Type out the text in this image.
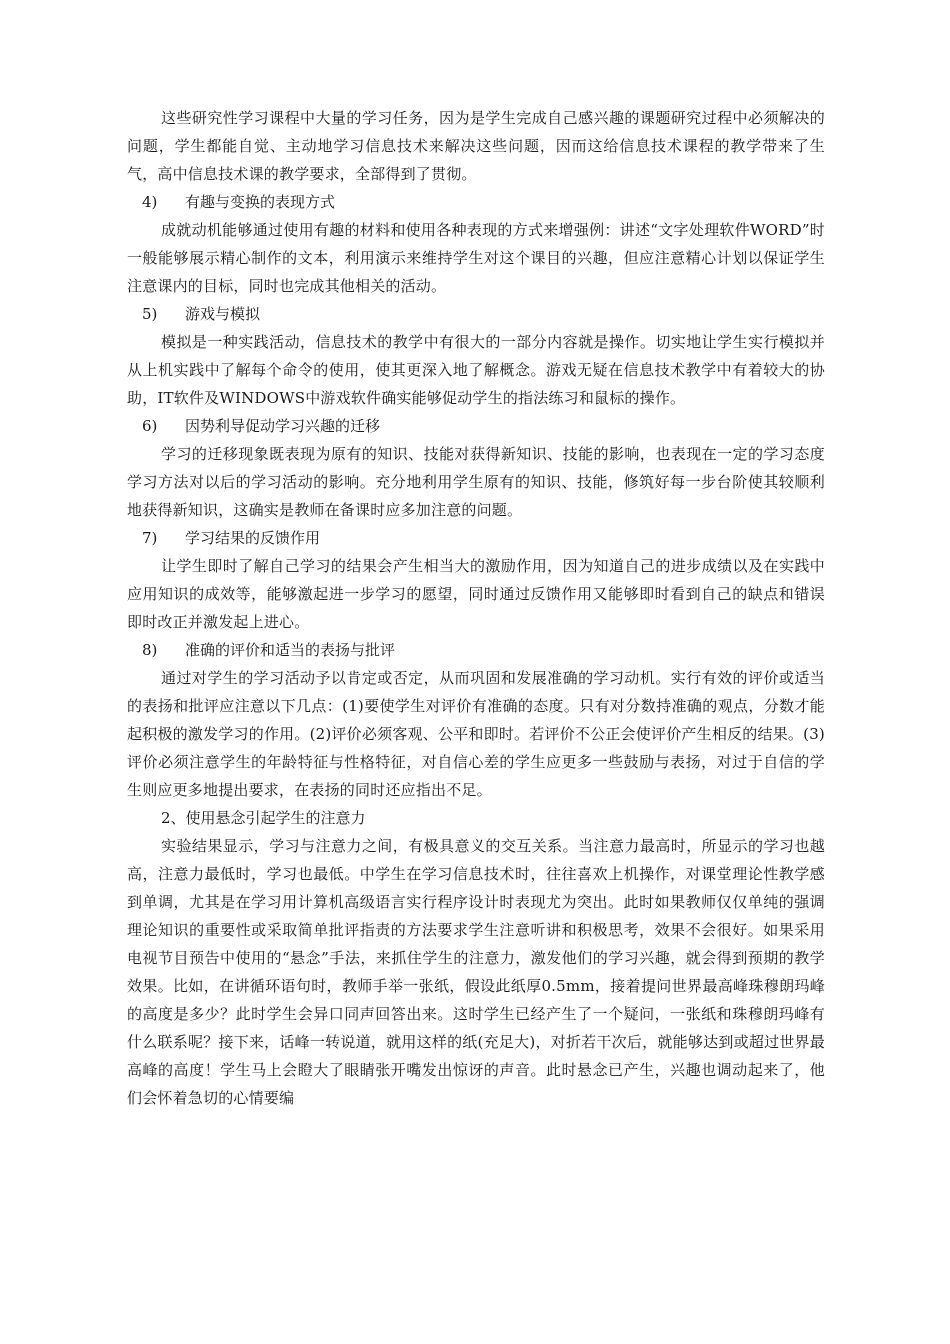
这些研究性学习课程中大量的学习任务，因为是学生完成自己感兴趣的课题研究过程中必须解决的问题，学生都能自觉、主动地学习信息技术来解决这些问题，因而这给信息技术课程的教学带来了生气，高中信息技术课的教学要求，全部得到了贯彻。

4)	有趣与变换的表现方式

成就动机能够通过使用有趣的材料和使用各种表现的方式来增强例：讲述“文字处理软件WORD”时一般能够展示精心制作的文本，利用演示来维持学生对这个课目的兴趣，但应注意精心计划以保证学生注意课内的目标，同时也完成其他相关的活动。

5)	游戏与模拟

模拟是一种实践活动，信息技术的教学中有很大的一部分内容就是操作。切实地让学生实行模拟并从上机实践中了解每个命令的使用，使其更深入地了解概念。游戏无疑在信息技术教学中有着较大的协助，IT软件及WINDOWS中游戏软件确实能够促动学生的指法练习和鼠标的操作。

6)	因势利导促动学习兴趣的迁移

学习的迁移现象既表现为原有的知识、技能对获得新知识、技能的影响，也表现在一定的学习态度学习方法对以后的学习活动的影响。充分地利用学生原有的知识、技能，修筑好每一步台阶使其较顺利地获得新知识，这确实是教师在备课时应多加注意的问题。

7)	学习结果的反馈作用

让学生即时了解自己学习的结果会产生相当大的激励作用，因为知道自己的进步成绩以及在实践中应用知识的成效等，能够激起进一步学习的愿望，同时通过反馈作用又能够即时看到自己的缺点和错误即时改正并激发起上进心。

8)	准确的评价和适当的表扬与批评

通过对学生的学习活动予以肯定或否定，从而巩固和发展准确的学习动机。实行有效的评价或适当的表扬和批评应注意以下几点：(1)要使学生对评价有准确的态度。只有对分数持准确的观点，分数才能起积极的激发学习的作用。(2)评价必须客观、公平和即时。若评价不公正会使评价产生相反的结果。(3)评价必须注意学生的年龄特征与性格特征，对自信心差的学生应更多一些鼓励与表扬，对过于自信的学生则应更多地提出要求，在表扬的同时还应指出不足。

2、使用悬念引起学生的注意力

实验结果显示，学习与注意力之间，有极具意义的交互关系。当注意力最高时，所显示的学习也越高，注意力最低时，学习也最低。中学生在学习信息技术时，往往喜欢上机操作，对课堂理论性教学感到单调，尤其是在学习用计算机高级语言实行程序设计时表现尤为突出。此时如果教师仅仅单纯的强调理论知识的重要性或采取简单批评指责的方法要求学生注意听讲和积极思考，效果不会很好。如果采用电视节目预告中使用的“悬念”手法，来抓住学生的注意力，激发他们的学习兴趣，就会得到预期的教学效果。比如，在讲循环语句时，教师手举一张纸，假设此纸厚0.5mm，接着提问世界最高峰珠穆朗玛峰的高度是多少？此时学生会异口同声回答出来。这时学生已经产生了一个疑问，一张纸和珠穆朗玛峰有什么联系呢？接下来，话峰一转说道，就用这样的纸(充足大)，对折若干次后，就能够达到或超过世界最高峰的高度！学生马上会瞪大了眼睛张开嘴发出惊讶的声音。此时悬念已产生，兴趣也调动起来了，他们会怀着急切的心情要编
